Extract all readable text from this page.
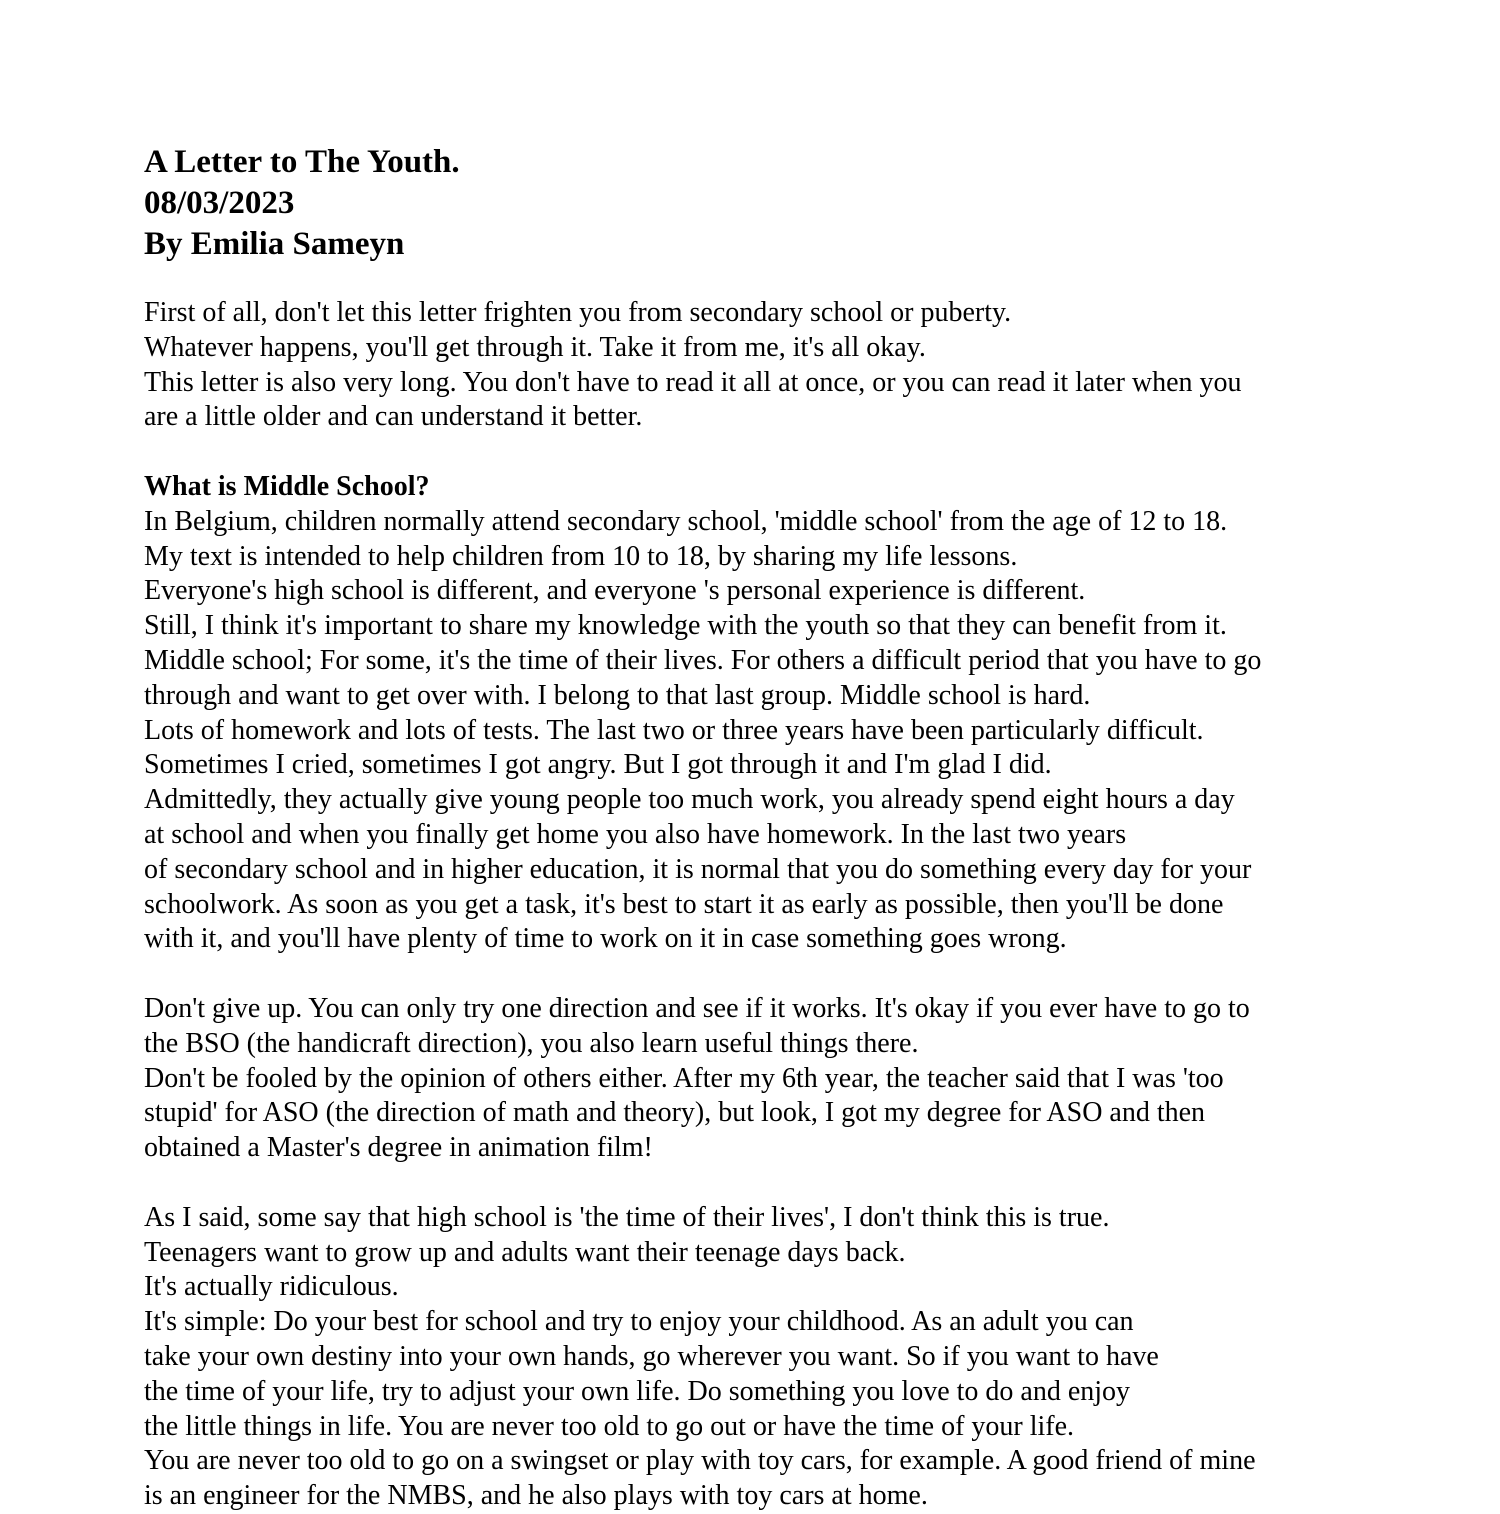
A Letter to The Youth.
08/03/2023
By Emilia Sameyn
First of all, don't let this letter frighten you from secondary school or puberty.
Whatever happens, you'll get through it. Take it from me, it's all okay.
This letter is also very long. You don't have to read it all at once, or you can read it later when you
are a little older and can understand it better.
What is Middle School?
In Belgium, children normally attend secondary school, 'middle school' from the age of 12 to 18.
My text is intended to help children from 10 to 18, by sharing my life lessons.
Everyone's high school is different, and everyone 's personal experience is different.
Still, I think it's important to share my knowledge with the youth so that they can benefit from it.
Middle school; For some, it's the time of their lives. For others a difficult period that you have to go
through and want to get over with. I belong to that last group. Middle school is hard.
Lots of homework and lots of tests. The last two or three years have been particularly difficult.
Sometimes I cried, sometimes I got angry. But I got through it and I'm glad I did.
Admittedly, they actually give young people too much work, you already spend eight hours a day
at school and when you finally get home you also have homework. In the last two years
of secondary school and in higher education, it is normal that you do something every day for your
schoolwork. As soon as you get a task, it's best to start it as early as possible, then you'll be done
with it, and you'll have plenty of time to work on it in case something goes wrong.
Don't give up. You can only try one direction and see if it works. It's okay if you ever have to go to
the BSO (the handicraft direction), you also learn useful things there.
Don't be fooled by the opinion of others either. After my 6th year, the teacher said that I was 'too
stupid' for ASO (the direction of math and theory), but look, I got my degree for ASO and then
obtained a Master's degree in animation film!
As I said, some say that high school is 'the time of their lives', I don't think this is true.
Teenagers want to grow up and adults want their teenage days back.
It's actually ridiculous.
It's simple: Do your best for school and try to enjoy your childhood. As an adult you can
take your own destiny into your own hands, go wherever you want. So if you want to have
the time of your life, try to adjust your own life. Do something you love to do and enjoy
the little things in life. You are never too old to go out or have the time of your life.
You are never too old to go on a swingset or play with toy cars, for example. A good friend of mine
is an engineer for the NMBS, and he also plays with toy cars at home.
